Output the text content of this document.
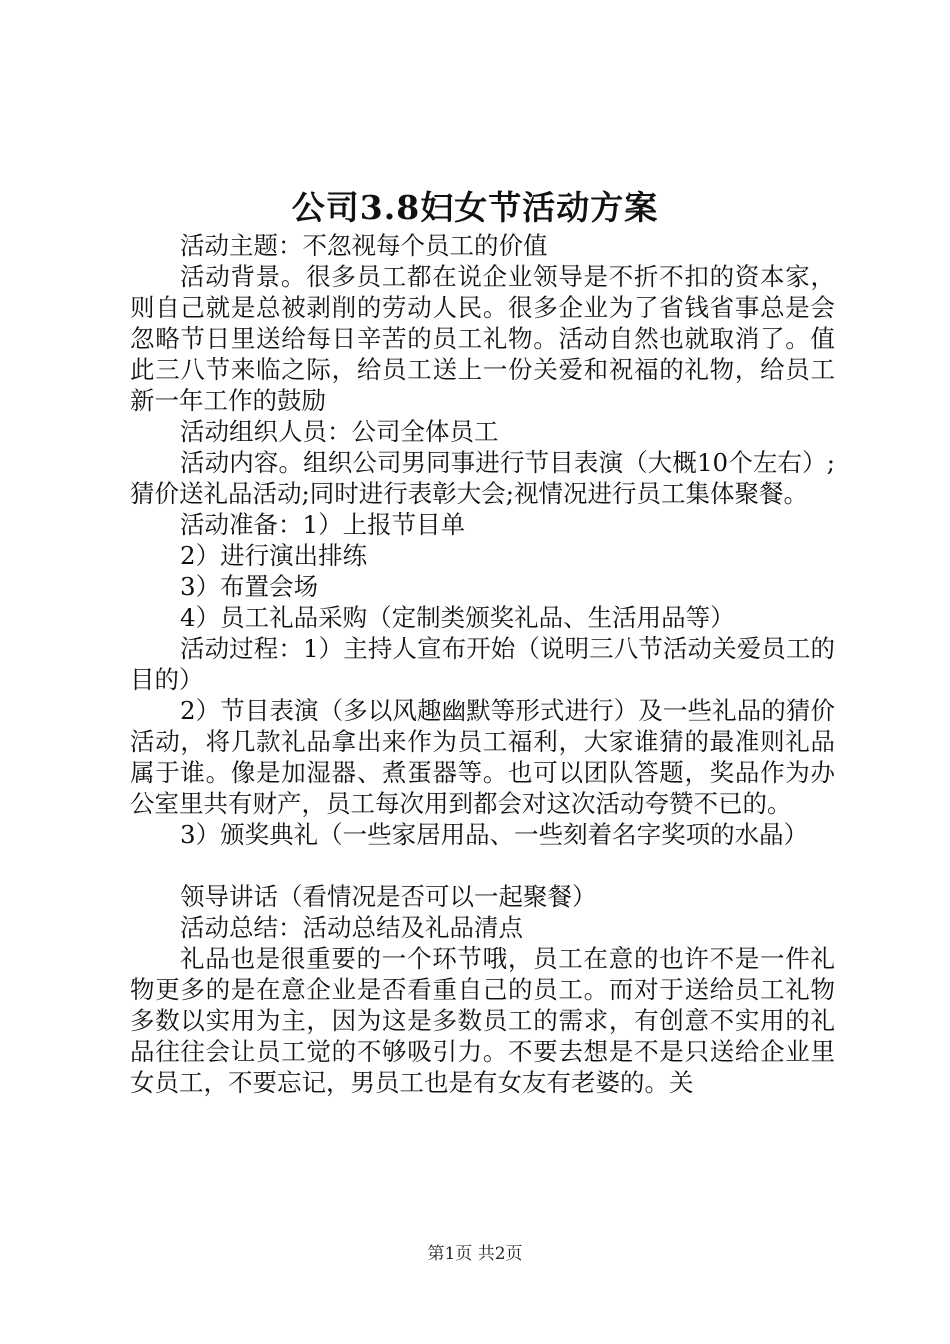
公司3.8妇女节活动方案

活动主题：不忽视每个员工的价值

活动背景。很多员工都在说企业领导是不折不扣的资本家，则自己就是总被剥削的劳动人民。很多企业为了省钱省事总是会忽略节日里送给每日辛苦的员工礼物。活动自然也就取消了。值此三八节来临之际，给员工送上一份关爱和祝福的礼物，给员工新一年工作的鼓励

活动组织人员：公司全体员工

活动内容。组织公司男同事进行节目表演（大概10个左右）;猜价送礼品活动;同时进行表彰大会;视情况进行员工集体聚餐。

活动准备：1）上报节目单

2）进行演出排练

3）布置会场

4）员工礼品采购（定制类颁奖礼品、生活用品等）

活动过程：1）主持人宣布开始（说明三八节活动关爱员工的目的）

2）节目表演（多以风趣幽默等形式进行）及一些礼品的猜价活动，将几款礼品拿出来作为员工福利，大家谁猜的最准则礼品属于谁。像是加湿器、煮蛋器等。也可以团队答题，奖品作为办公室里共有财产，员工每次用到都会对这次活动夸赞不已的。

3）颁奖典礼（一些家居用品、一些刻着名字奖项的水晶）

领导讲话（看情况是否可以一起聚餐）

活动总结：活动总结及礼品清点

礼品也是很重要的一个环节哦，员工在意的也许不是一件礼物更多的是在意企业是否看重自己的员工。而对于送给员工礼物多数以实用为主，因为这是多数员工的需求，有创意不实用的礼品往往会让员工觉的不够吸引力。不要去想是不是只送给企业里女员工，不要忘记，男员工也是有女友有老婆的。关

第1页 共2页
